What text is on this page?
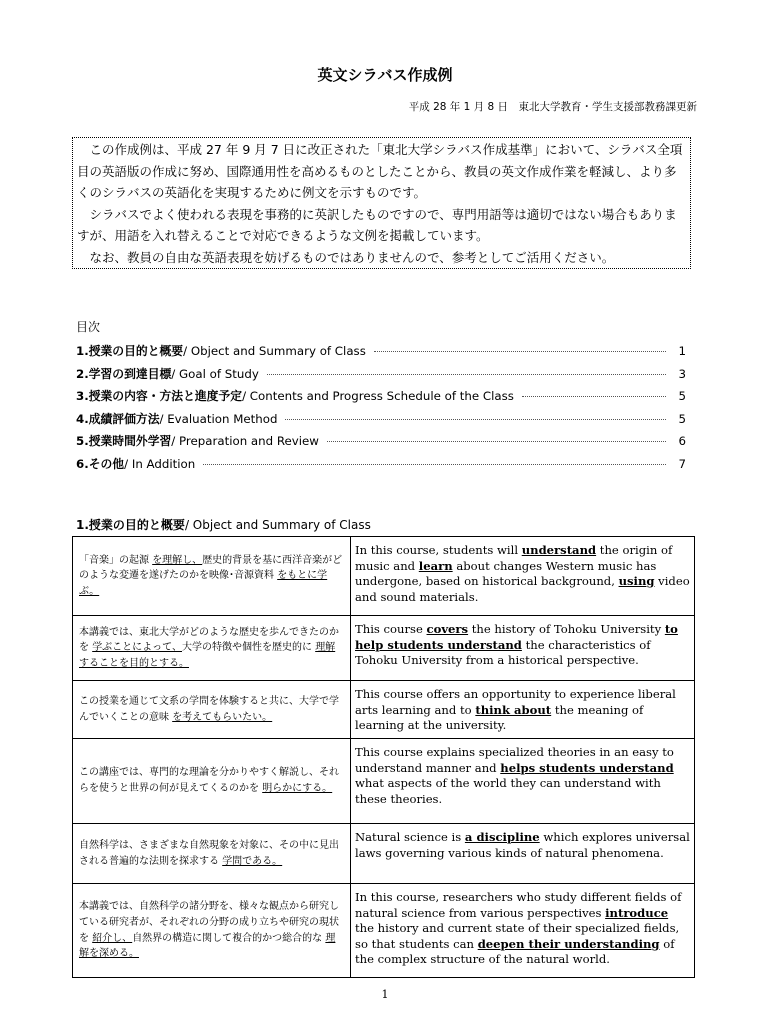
英文シラバス作成例
平成 28 年 1 月 8 日　東北大学教育・学生支援部教務課更新

この作成例は、平成 27 年 9 月 7 日に改正された「東北大学シラバス作成基準」において、シラバス全項目の英語版の作成に努め、国際通用性を高めるものとしたことから、教員の英文作成作業を軽減し、より多くのシラバスの英語化を実現するために例文を示すものです。

シラバスでよく使われる表現を事務的に英訳したものですので、専門用語等は適切ではない場合もありますが、用語を入れ替えることで対応できるような文例を掲載しています。

なお、教員の自由な英語表現を妨げるものではありませんので、参考としてご活用ください。

目次
1.授業の目的と概要/ Object and Summary of Class	1
2.学習の到達目標/ Goal of Study	3
3.授業の内容・方法と進度予定/ Contents and Progress Schedule of the Class	5
4.成績評価方法/ Evaluation Method	5
5.授業時間外学習/ Preparation and Review	6
6.その他/ In Addition	7
1.授業の目的と概要/ Object and Summary of Class
「音楽」の起源 を理解し、歴史的背景を基に西洋音楽がどのような変遷を遂げたのかを映像･音源資料 をもとに学ぶ。	In this course, students will understand the origin of music and learn about changes Western music has undergone, based on historical background, using video and sound materials.
本講義では、東北大学がどのような歴史を歩んできたのかを 学ぶことによって、大学の特徴や個性を歴史的に 理解することを目的とする。	This course covers the history of Tohoku University to help students understand the characteristics of Tohoku University from a historical perspective.
この授業を通じて文系の学問を体験すると共に、大学で学んでいくことの意味 を考えてもらいたい。	This course offers an opportunity to experience liberal arts learning and to think about the meaning of learning at the university.
この講座では、専門的な理論を分かりやすく解説し、それらを使うと世界の何が見えてくるのかを 明らかにする。	This course explains specialized theories in an easy to understand manner and helps students understand what aspects of the world they can understand with these theories.
自然科学は、さまざまな自然現象を対象に、その中に見出される普遍的な法則を探求する 学問である。	Natural science is a discipline which explores universal laws governing various kinds of natural phenomena.
本講義では、自然科学の諸分野を、様々な観点から研究している研究者が、それぞれの分野の成り立ちや研究の現状を 紹介し、自然界の構造に関して複合的かつ総合的な 理解を深める。	In this course, researchers who study different fields of natural science from various perspectives introduce the history and current state of their specialized fields, so that students can deepen their understanding of the complex structure of the natural world.
1
